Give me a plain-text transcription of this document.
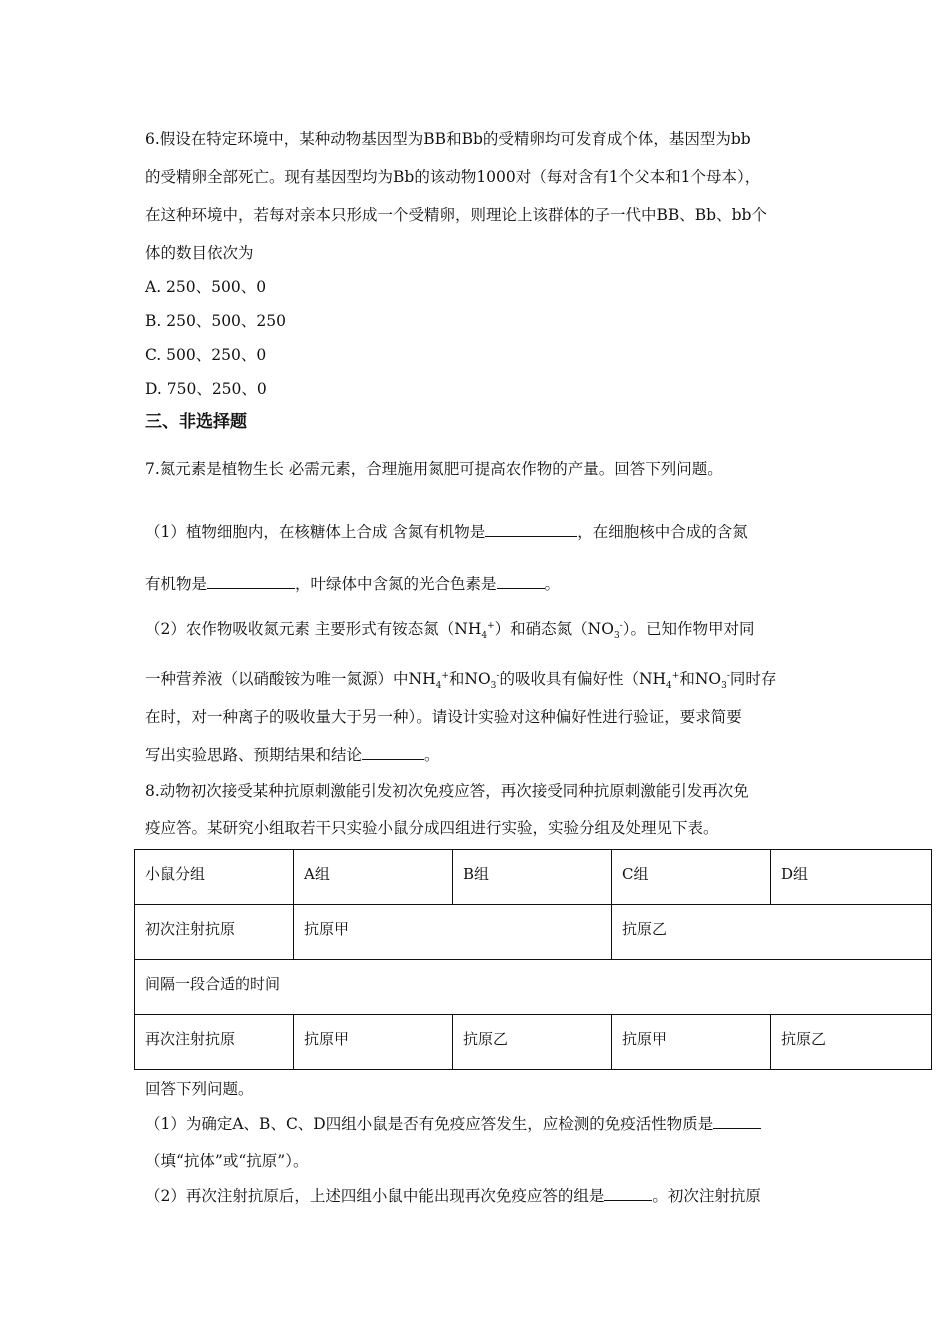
6.假设在特定环境中，某种动物基因型为BB和Bb的受精卵均可发育成个体，基因型为bb
的受精卵全部死亡。现有基因型均为Bb的该动物1000对（每对含有1个父本和1个母本），
在这种环境中，若每对亲本只形成一个受精卵，则理论上该群体的子一代中BB、Bb、bb个
体的数目依次为
A. 250、500、0
B. 250、500、250
C. 500、250、0
D. 750、250、0
三、非选择题
7.氮元素是植物生长 必需元素，合理施用氮肥可提高农作物的产量。回答下列问题。
（1）植物细胞内，在核糖体上合成 含氮有机物是	，在细胞核中合成的含氮
有机物是	，叶绿体中含氮的光合色素是	。
（2）农作物吸收氮元素 主要形式有铵态氮$(NH_4^+)$和硝态氮$(NO_3^-)$。已知作物甲对同
一种营养液（以硝酸铵为唯一氮源）中$NH_4^+$和$NO_3^-$的吸收具有偏好性（$NH_4^+$和$NO_3^-$同时存
在时，对一种离子的吸收量大于另一种）。请设计实验对这种偏好性进行验证，要求简要
写出实验思路、预期结果和结论	。
8.动物初次接受某种抗原刺激能引发初次免疫应答，再次接受同种抗原刺激能引发再次免
疫应答。某研究小组取若干只实验小鼠分成四组进行实验，实验分组及处理见下表。
小鼠分组	A组	B组	C组	D组
初次注射抗原	抗原甲		抗原乙	
间隔一段合适的时间				
再次注射抗原	抗原甲	抗原乙	抗原甲	抗原乙
回答下列问题。
（1）为确定A、B、C、D四组小鼠是否有免疫应答发生，应检测的免疫活性物质是
（填“抗体”或“抗原”）。
（2）再次注射抗原后，上述四组小鼠中能出现再次免疫应答的组是	。初次注射抗原
